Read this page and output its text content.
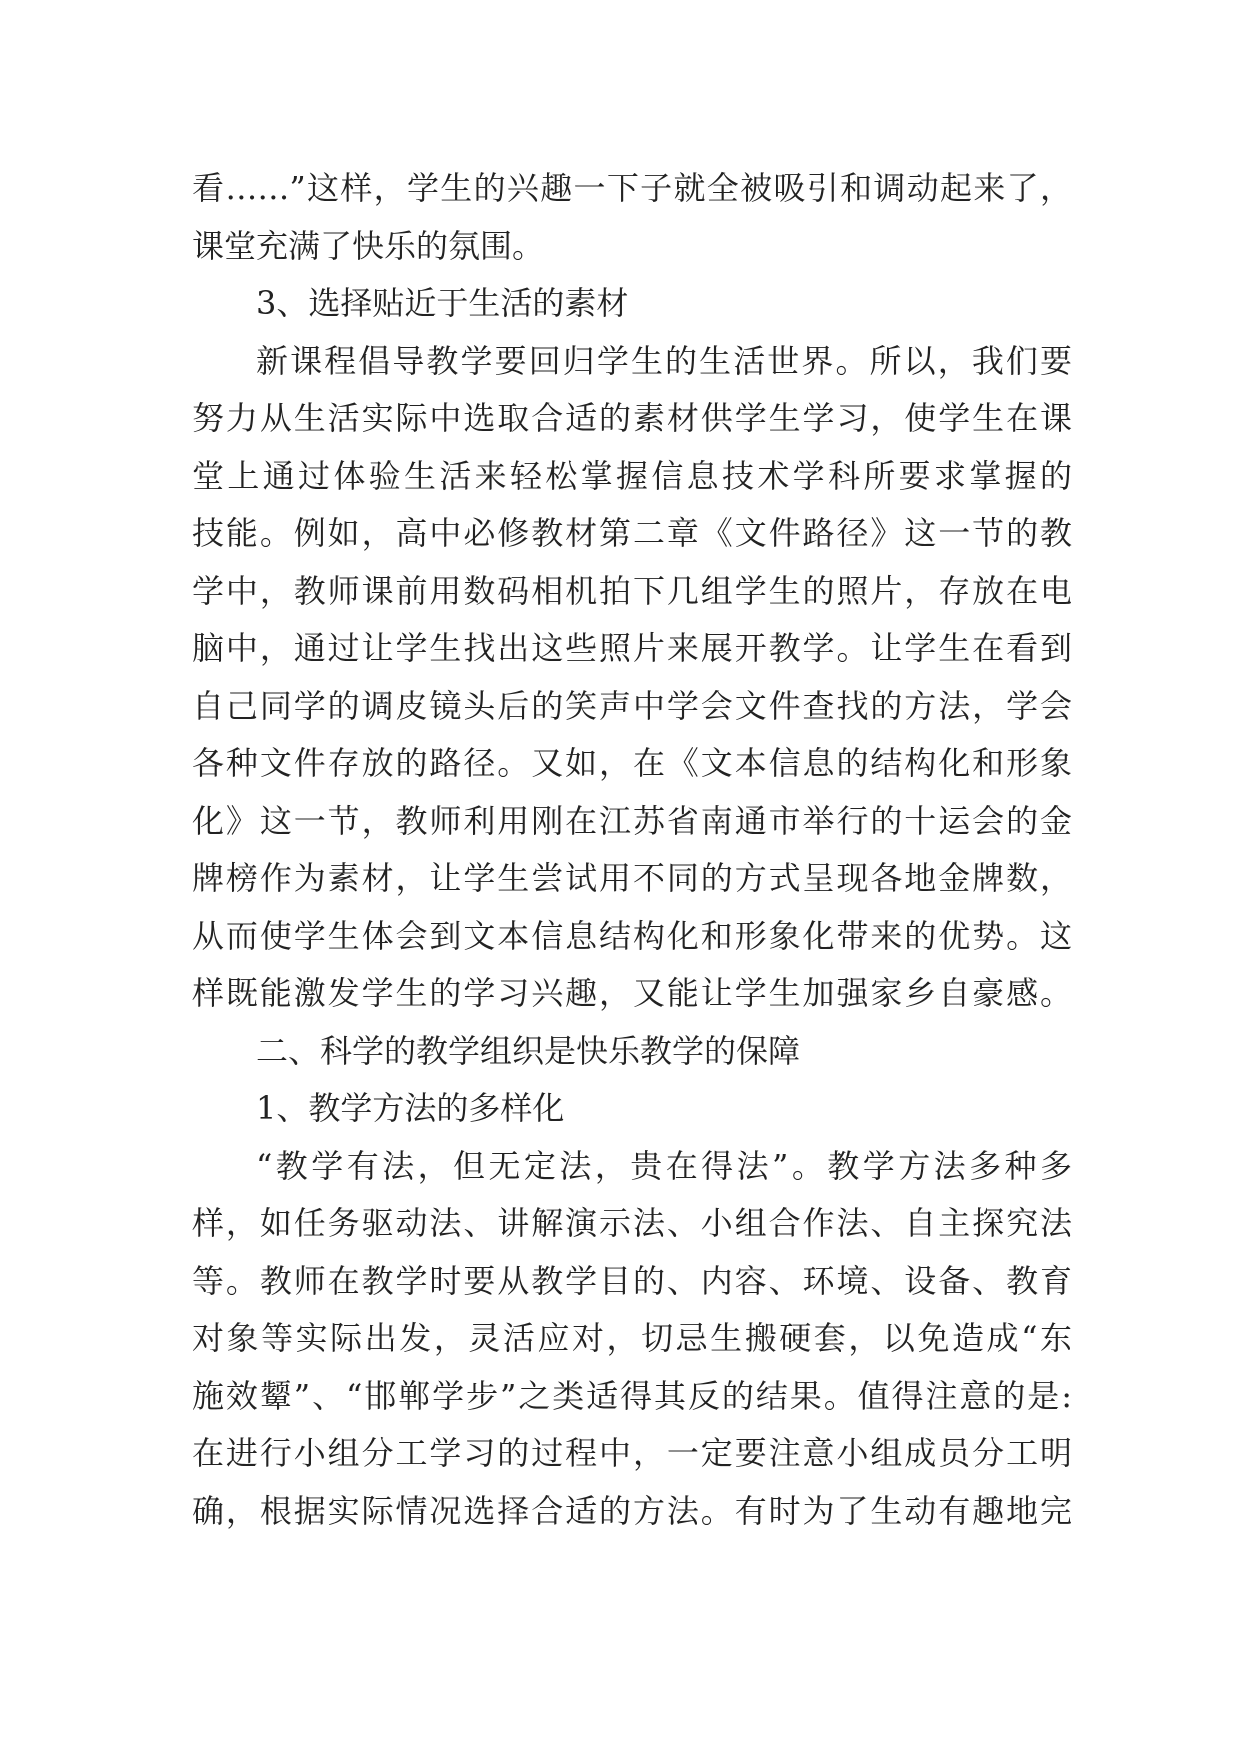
看……”这样，学生的兴趣一下子就全被吸引和调动起来了，
课堂充满了快乐的氛围。
3、选择贴近于生活的素材
新课程倡导教学要回归学生的生活世界。所以，我们要
努力从生活实际中选取合适的素材供学生学习，使学生在课
堂上通过体验生活来轻松掌握信息技术学科所要求掌握的
技能。例如，高中必修教材第二章《文件路径》这一节的教
学中，教师课前用数码相机拍下几组学生的照片，存放在电
脑中，通过让学生找出这些照片来展开教学。让学生在看到
自己同学的调皮镜头后的笑声中学会文件查找的方法，学会
各种文件存放的路径。又如，在《文本信息的结构化和形象
化》这一节，教师利用刚在江苏省南通市举行的十运会的金
牌榜作为素材，让学生尝试用不同的方式呈现各地金牌数，
从而使学生体会到文本信息结构化和形象化带来的优势。这
样既能激发学生的学习兴趣，又能让学生加强家乡自豪感。
二、科学的教学组织是快乐教学的保障
1、教学方法的多样化
“教学有法，但无定法，贵在得法”。教学方法多种多
样，如任务驱动法、讲解演示法、小组合作法、自主探究法
等。教师在教学时要从教学目的、内容、环境、设备、教育
对象等实际出发，灵活应对，切忌生搬硬套，以免造成“东
施效颦”、“邯郸学步”之类适得其反的结果。值得注意的是:
在进行小组分工学习的过程中，一定要注意小组成员分工明
确，根据实际情况选择合适的方法。有时为了生动有趣地完
